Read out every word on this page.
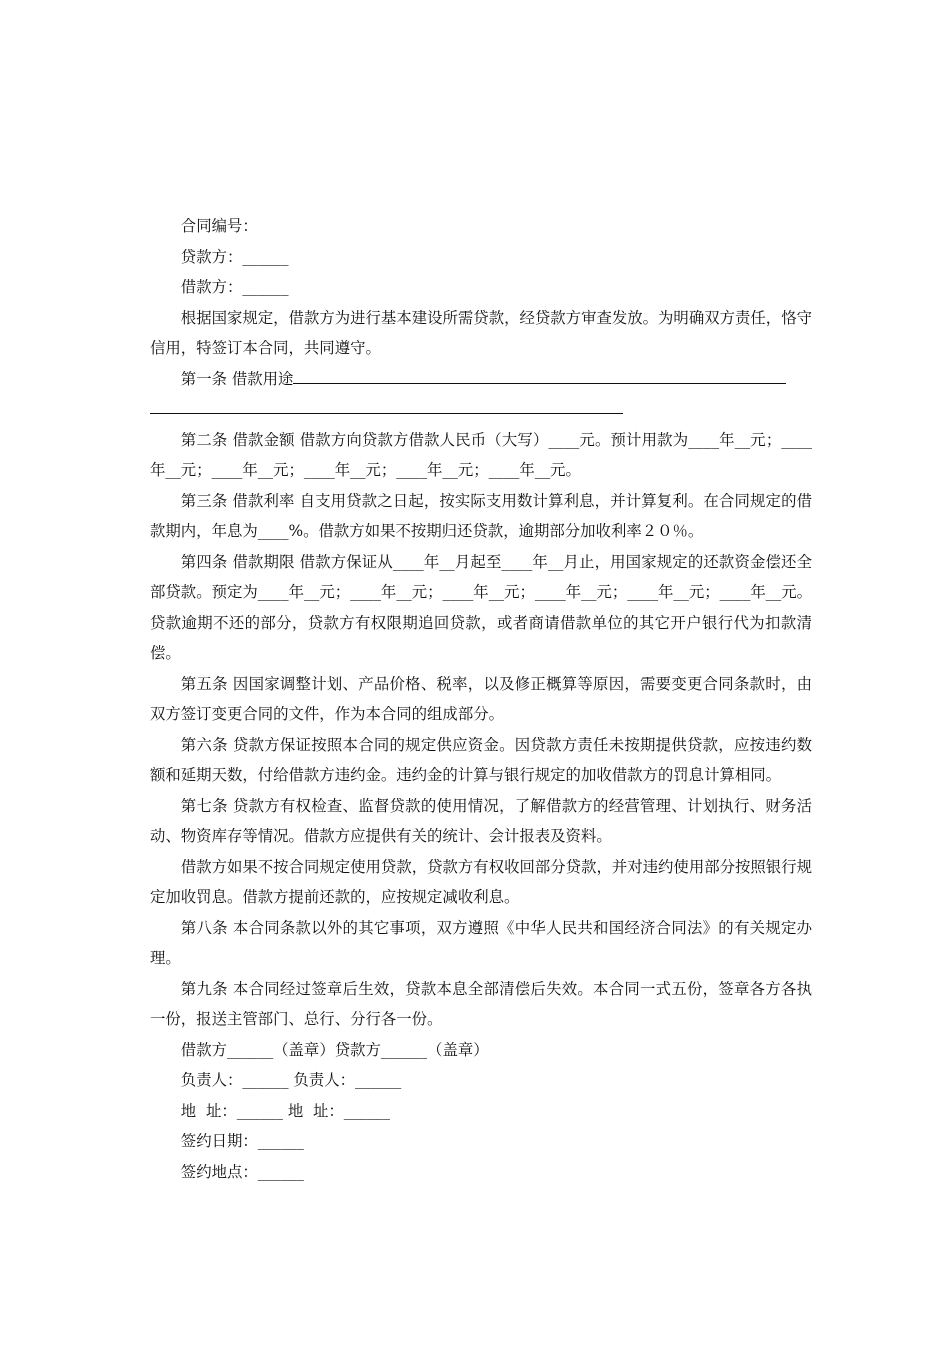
合同编号：

贷款方：______

借款方：______

根据国家规定，借款方为进行基本建设所需贷款，经贷款方审查发放。为明确双方责任，恪守信用，特签订本合同，共同遵守。

第一条 借款用途

第二条 借款金额 借款方向贷款方借款人民币（大写）____元。预计用款为____年__元；____年__元；____年__元；____年__元；____年__元；____年__元。

第三条 借款利率 自支用贷款之日起，按实际支用数计算利息，并计算复利。在合同规定的借款期内，年息为____%。借款方如果不按期归还贷款，逾期部分加收利率２０％。

第四条 借款期限 借款方保证从____年__月起至____年__月止，用国家规定的还款资金偿还全部贷款。预定为____年__元；____年__元；____年__元；____年__元；____年__元；____年__元。贷款逾期不还的部分，贷款方有权限期追回贷款，或者商请借款单位的其它开户银行代为扣款清偿。

第五条 因国家调整计划、产品价格、税率，以及修正概算等原因，需要变更合同条款时，由双方签订变更合同的文件，作为本合同的组成部分。

第六条 贷款方保证按照本合同的规定供应资金。因贷款方责任未按期提供贷款，应按违约数额和延期天数，付给借款方违约金。违约金的计算与银行规定的加收借款方的罚息计算相同。

第七条 贷款方有权检查、监督贷款的使用情况，了解借款方的经营管理、计划执行、财务活动、物资库存等情况。借款方应提供有关的统计、会计报表及资料。

借款方如果不按合同规定使用贷款，贷款方有权收回部分贷款，并对违约使用部分按照银行规定加收罚息。借款方提前还款的，应按规定减收利息。

第八条 本合同条款以外的其它事项，双方遵照《中华人民共和国经济合同法》的有关规定办理。

第九条 本合同经过签章后生效，贷款本息全部清偿后失效。本合同一式五份，签章各方各执一份，报送主管部门、总行、分行各一份。

借款方______（盖章）贷款方______（盖章）

负责人：______ 负责人：______

地  址：______ 地  址：______

签约日期：______

签约地点：______
